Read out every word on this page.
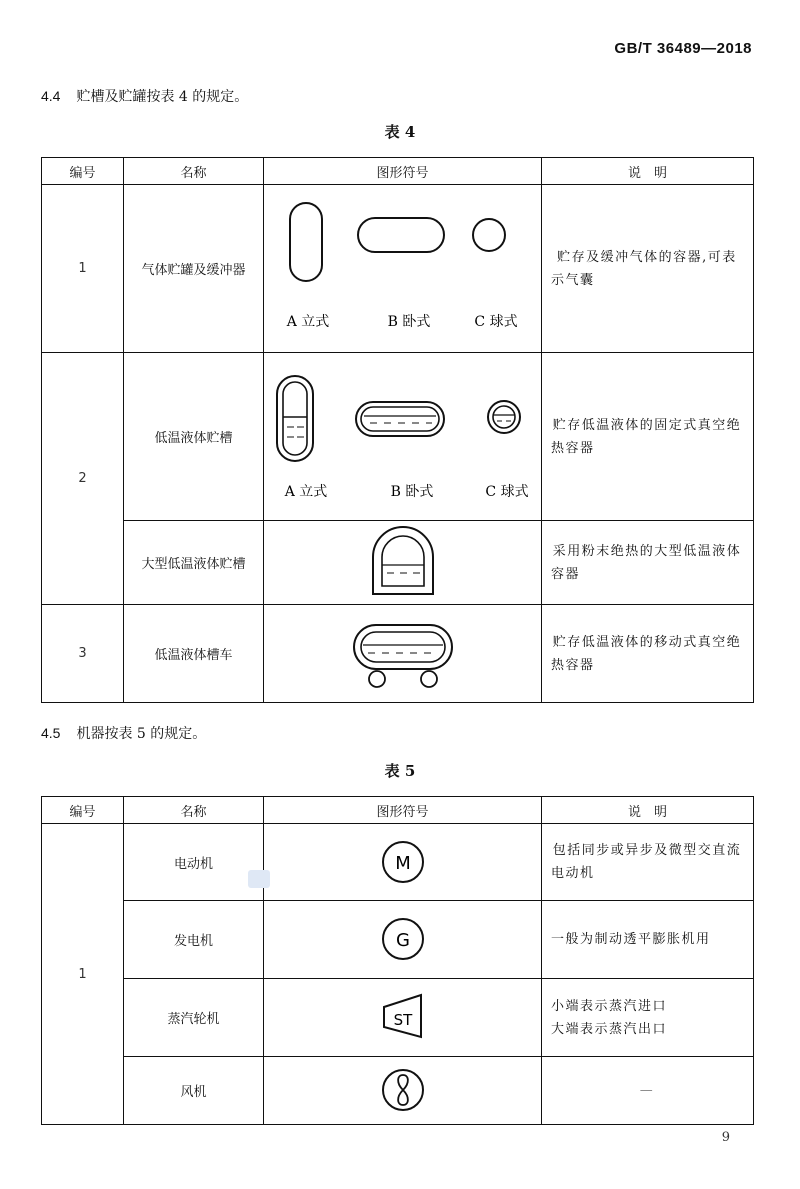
GB/T 36489—2018
4.4 贮槽及贮罐按表 4 的规定。
表 4
编号	名称	图形符号	说　明
1	气体贮罐及缓冲器	A 立式 B 卧式 C 球式	贮存及缓冲气体的容器,可表示气囊
2	低温液体贮槽	A 立式 B 卧式 C 球式	贮存低温液体的固定式真空绝热容器
	大型低温液体贮槽		采用粉末绝热的大型低温液体容器
3	低温液体槽车		贮存低温液体的移动式真空绝热容器
4.5 机器按表 5 的规定。
表 5
编号	名称	图形符号	说　明
1	电动机	M	包括同步或异步及微型交直流电动机
	发电机	G	一般为制动透平膨胀机用
	蒸汽轮机	ST	小端表示蒸汽进口
大端表示蒸汽出口

	风机		—
9
